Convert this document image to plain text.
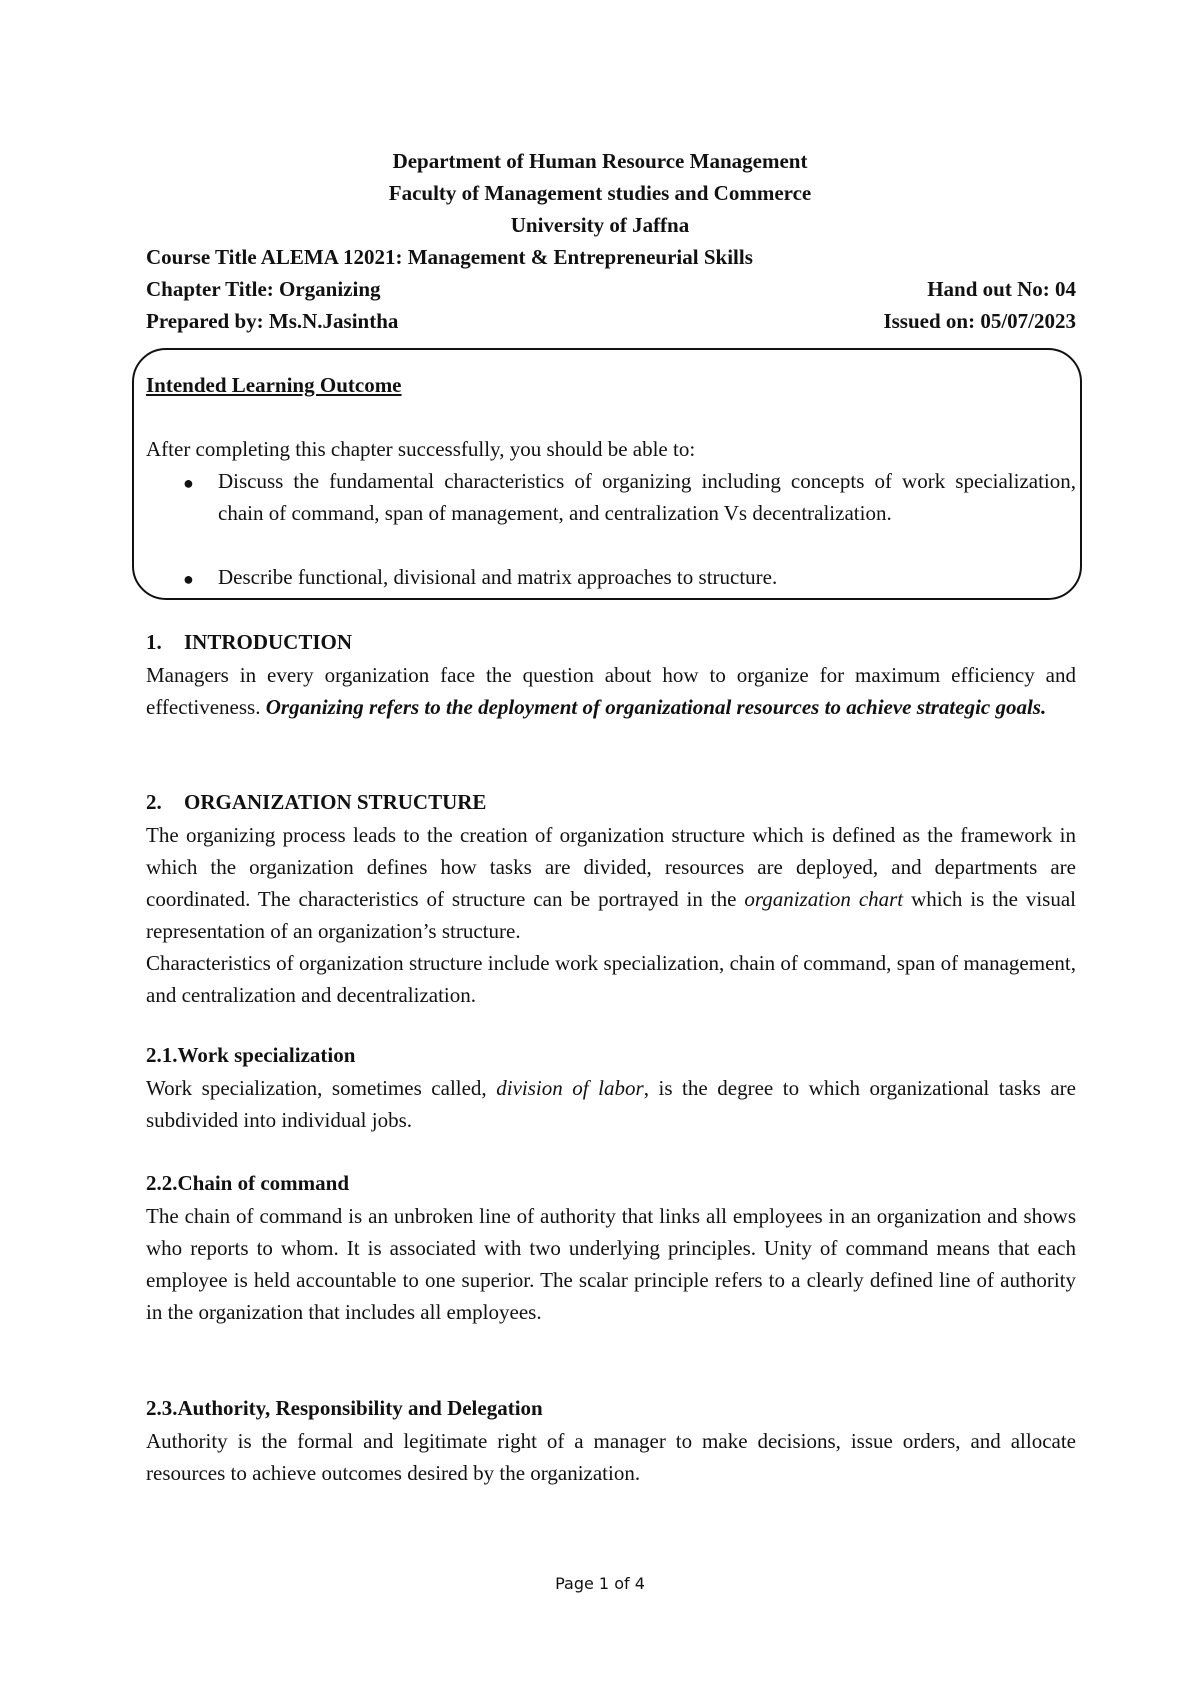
Department of Human Resource Management
Faculty of Management studies and Commerce
University of Jaffna
Course Title ALEMA 12021: Management & Entrepreneurial Skills
Chapter Title: Organizing	Hand out No: 04
Prepared by: Ms.N.Jasintha	Issued on: 05/07/2023
Intended Learning Outcome
After completing this chapter successfully, you should be able to:
● Discuss the fundamental characteristics of organizing including concepts of work specialization, chain of command, span of management, and centralization Vs decentralization.
● Describe functional, divisional and matrix approaches to structure.
1. INTRODUCTION
Managers in every organization face the question about how to organize for maximum efficiency and effectiveness. Organizing refers to the deployment of organizational resources to achieve strategic goals.
2. ORGANIZATION STRUCTURE
The organizing process leads to the creation of organization structure which is defined as the framework in which the organization defines how tasks are divided, resources are deployed, and departments are coordinated. The characteristics of structure can be portrayed in the organization chart which is the visual representation of an organization’s structure.
Characteristics of organization structure include work specialization, chain of command, span of management, and centralization and decentralization.
2.1.Work specialization
Work specialization, sometimes called, division of labor, is the degree to which organizational tasks are subdivided into individual jobs.
2.2.Chain of command
The chain of command is an unbroken line of authority that links all employees in an organization and shows who reports to whom. It is associated with two underlying principles. Unity of command means that each employee is held accountable to one superior. The scalar principle refers to a clearly defined line of authority in the organization that includes all employees.
2.3.Authority, Responsibility and Delegation
Authority is the formal and legitimate right of a manager to make decisions, issue orders, and allocate resources to achieve outcomes desired by the organization.
Page 1 of 4
